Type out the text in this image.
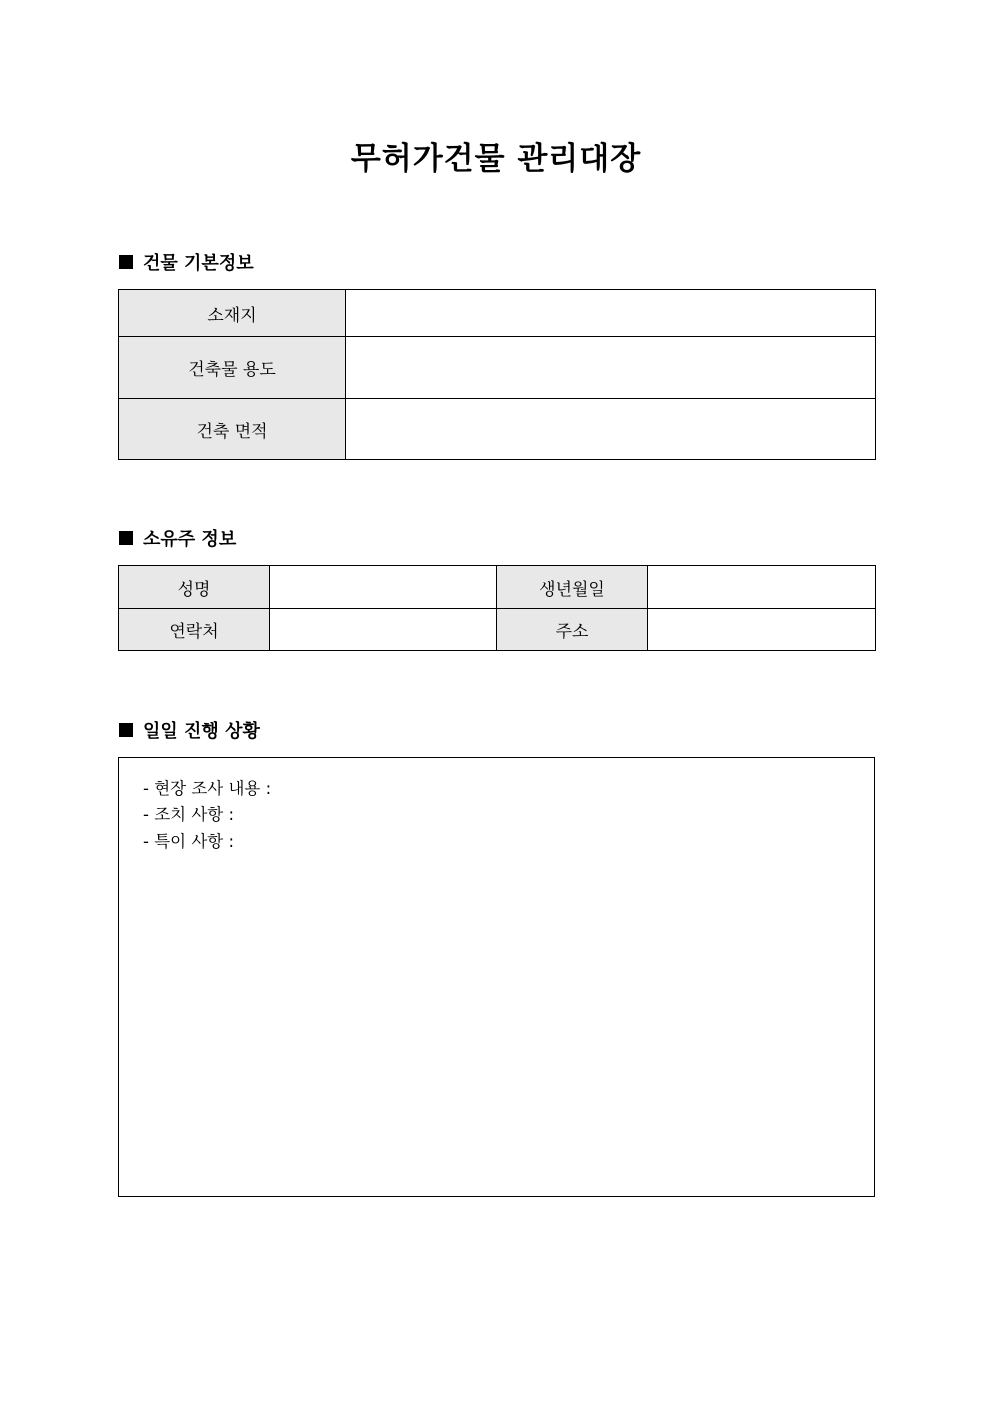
무허가건물 관리대장
건물 기본정보
소재지	
건축물 용도	
건축 면적	
소유주 정보
성명		생년월일	
연락처		주소	
일일 진행 상황
- 현장 조사 내용 :
- 조치 사항 :
- 특이 사항 :
